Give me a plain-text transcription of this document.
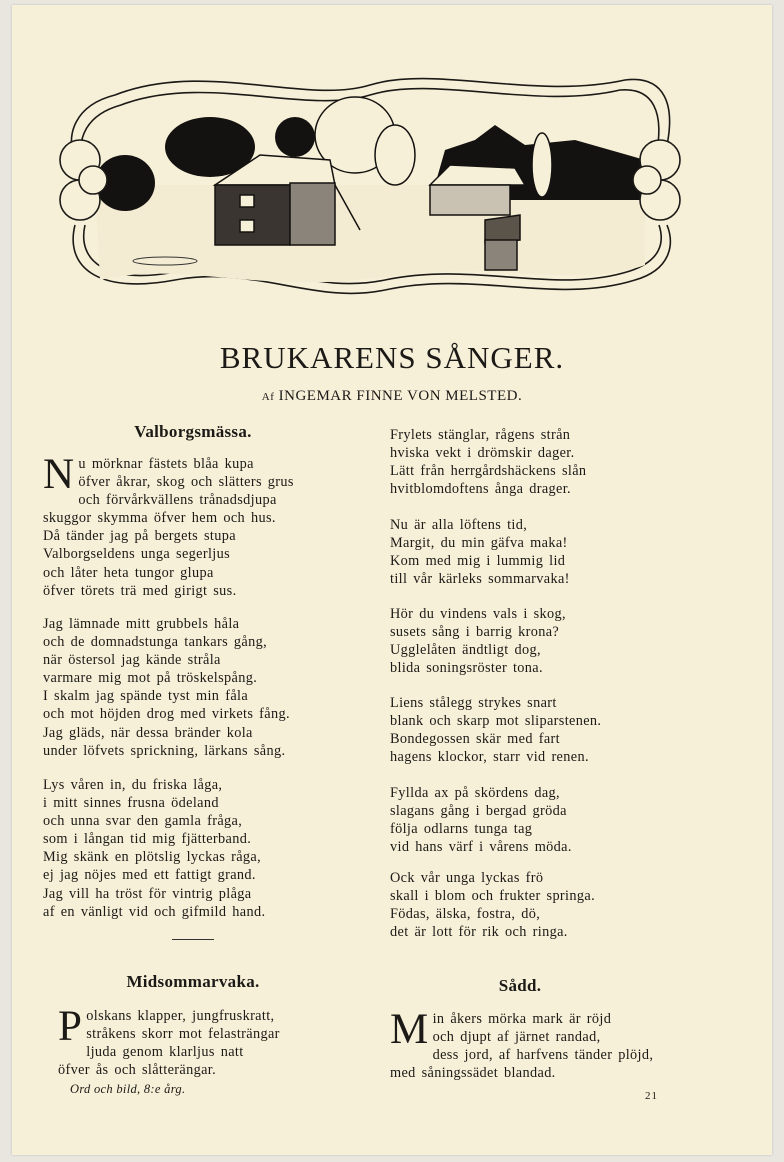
BRUKARENS SÅNGER.
Af INGEMAR FINNE VON MELSTED.
Valborgsmässa.
N u mörknar fästets blåa kupa
öfver åkrar, skog och slätters grus
och förvårkvällens trånadsdjupa
skuggor skymma öfver hem och hus.
Då tänder jag på bergets stupa
Valborgseldens unga segerljus
och låter heta tungor glupa
öfver törets trä med girigt sus.
Jag lämnade mitt grubbels håla
och de domnadstunga tankars gång,
när östersol jag kände stråla
varmare mig mot på tröskelspång.
I skalm jag spände tyst min fåla
och mot höjden drog med virkets fång.
Jag gläds, när dessa bränder kola
under löfvets sprickning, lärkans sång.
Lys våren in, du friska låga,
i mitt sinnes frusna ödeland
och unna svar den gamla fråga,
som i långan tid mig fjätterband.
Mig skänk en plötslig lyckas råga,
ej jag nöjes med ett fattigt grand.
Jag vill ha tröst för vintrig plåga
af en vänligt vid och gifmild hand.
Midsommarvaka.
P olskans klapper, jungfruskratt,
stråkens skorr mot felasträngar
ljuda genom klarljus natt
öfver ås och slåtterängar.
Frylets stänglar, rågens strån
hviska vekt i drömskir dager.
Lätt från herrgårdshäckens slån
hvitblomdoftens ånga drager.
Nu är alla löftens tid,
Margit, du min gäfva maka!
Kom med mig i lummig lid
till vår kärleks sommarvaka!
Hör du vindens vals i skog,
susets sång i barrig krona?
Ugglelåten ändtligt dog,
blida soningsröster tona.
Liens stålegg strykes snart
blank och skarp mot sliparstenen.
Bondegossen skär med fart
hagens klockor, starr vid renen.
Fyllda ax på skördens dag,
slagans gång i bergad gröda
följa odlarns tunga tag
vid hans värf i vårens möda.
Ock vår unga lyckas frö
skall i blom och frukter springa.
Födas, älska, fostra, dö,
det är lott för rik och ringa.
Sådd.
M in åkers mörka mark är röjd
och djupt af järnet randad,
dess jord, af harfvens tänder plöjd,
med såningssädet blandad.
Ord och bild, 8:e årg.	21
